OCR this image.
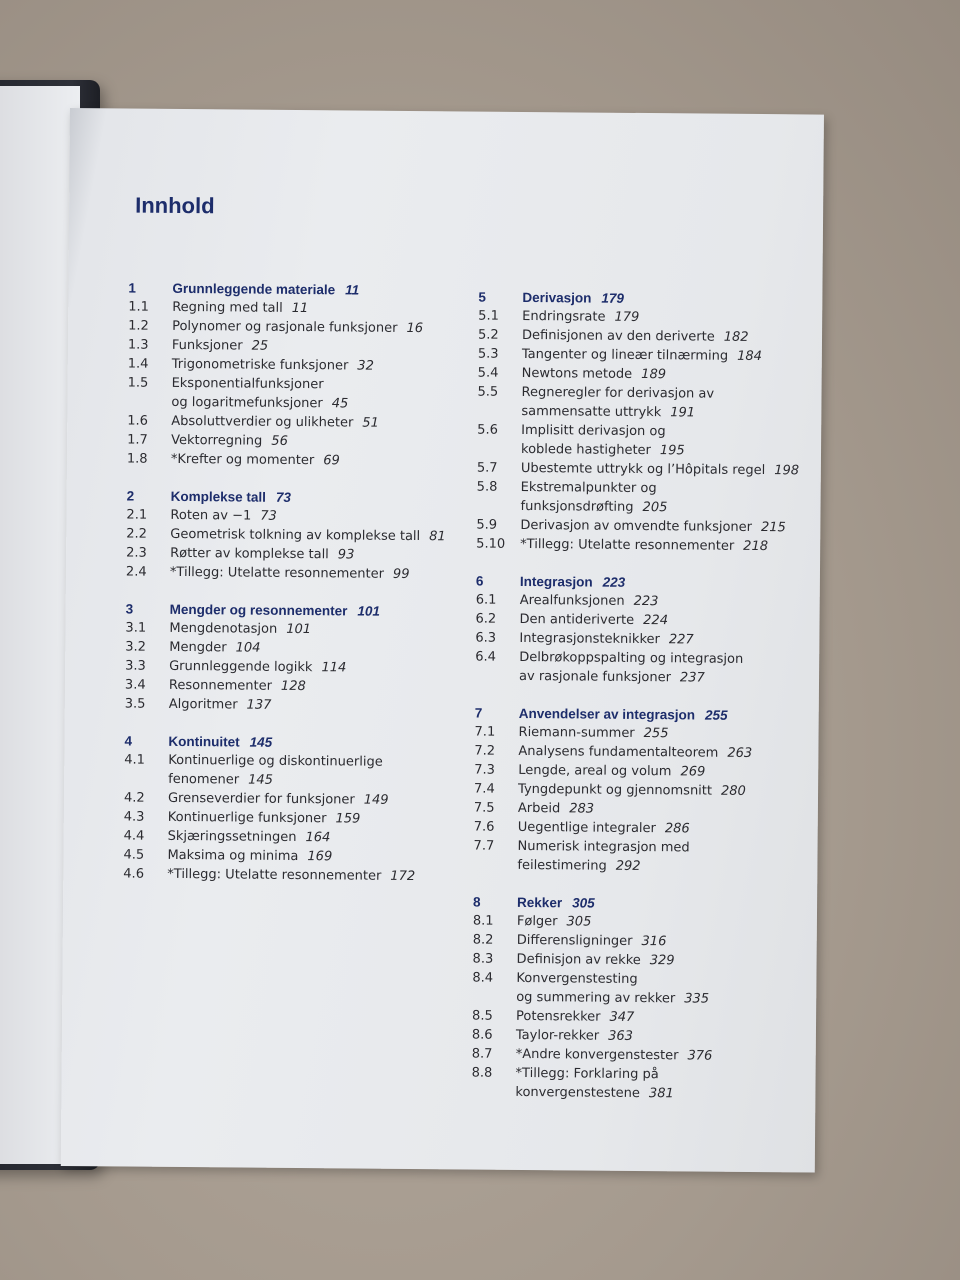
Innhold
1	Grunnleggende materiale 11
1.1	Regning med tall 11
1.2	Polynomer og rasjonale funksjoner 16
1.3	Funksjoner 25
1.4	Trigonometriske funksjoner 32
1.5	Eksponentialfunksjoner
og logaritmefunksjoner 45
1.6	Absoluttverdier og ulikheter 51
1.7	Vektorregning 56
1.8	*Krefter og momenter 69
2	Komplekse tall 73
2.1	Roten av −1 73
2.2	Geometrisk tolkning av komplekse tall 81
2.3	Røtter av komplekse tall 93
2.4	*Tillegg: Utelatte resonnementer 99
3	Mengder og resonnementer 101
3.1	Mengdenotasjon 101
3.2	Mengder 104
3.3	Grunnleggende logikk 114
3.4	Resonnementer 128
3.5	Algoritmer 137
4	Kontinuitet 145
4.1	Kontinuerlige og diskontinuerlige
fenomener 145
4.2	Grenseverdier for funksjoner 149
4.3	Kontinuerlige funksjoner 159
4.4	Skjæringssetningen 164
4.5	Maksima og minima 169
4.6	*Tillegg: Utelatte resonnementer 172
5	Derivasjon 179
5.1	Endringsrate 179
5.2	Definisjonen av den deriverte 182
5.3	Tangenter og lineær tilnærming 184
5.4	Newtons metode 189
5.5	Regneregler for derivasjon av
sammensatte uttrykk 191
5.6	Implisitt derivasjon og
koblede hastigheter 195
5.7	Ubestemte uttrykk og l’Hôpitals regel 198
5.8	Ekstremalpunkter og funksjonsdrøfting 205
5.9	Derivasjon av omvendte funksjoner 215
5.10	*Tillegg: Utelatte resonnementer 218
6	Integrasjon 223
6.1	Arealfunksjonen 223
6.2	Den antideriverte 224
6.3	Integrasjonsteknikker 227
6.4	Delbrøkoppspalting og integrasjon
av rasjonale funksjoner 237
7	Anvendelser av integrasjon 255
7.1	Riemann-summer 255
7.2	Analysens fundamentalteorem 263
7.3	Lengde, areal og volum 269
7.4	Tyngdepunkt og gjennomsnitt 280
7.5	Arbeid 283
7.6	Uegentlige integraler 286
7.7	Numerisk integrasjon med
feilestimering 292
8	Rekker 305
8.1	Følger 305
8.2	Differensligninger 316
8.3	Definisjon av rekke 329
8.4	Konvergenstesting
og summering av rekker 335
8.5	Potensrekker 347
8.6	Taylor-rekker 363
8.7	*Andre konvergenstester 376
8.8	*Tillegg: Forklaring på
konvergenstestene 381
